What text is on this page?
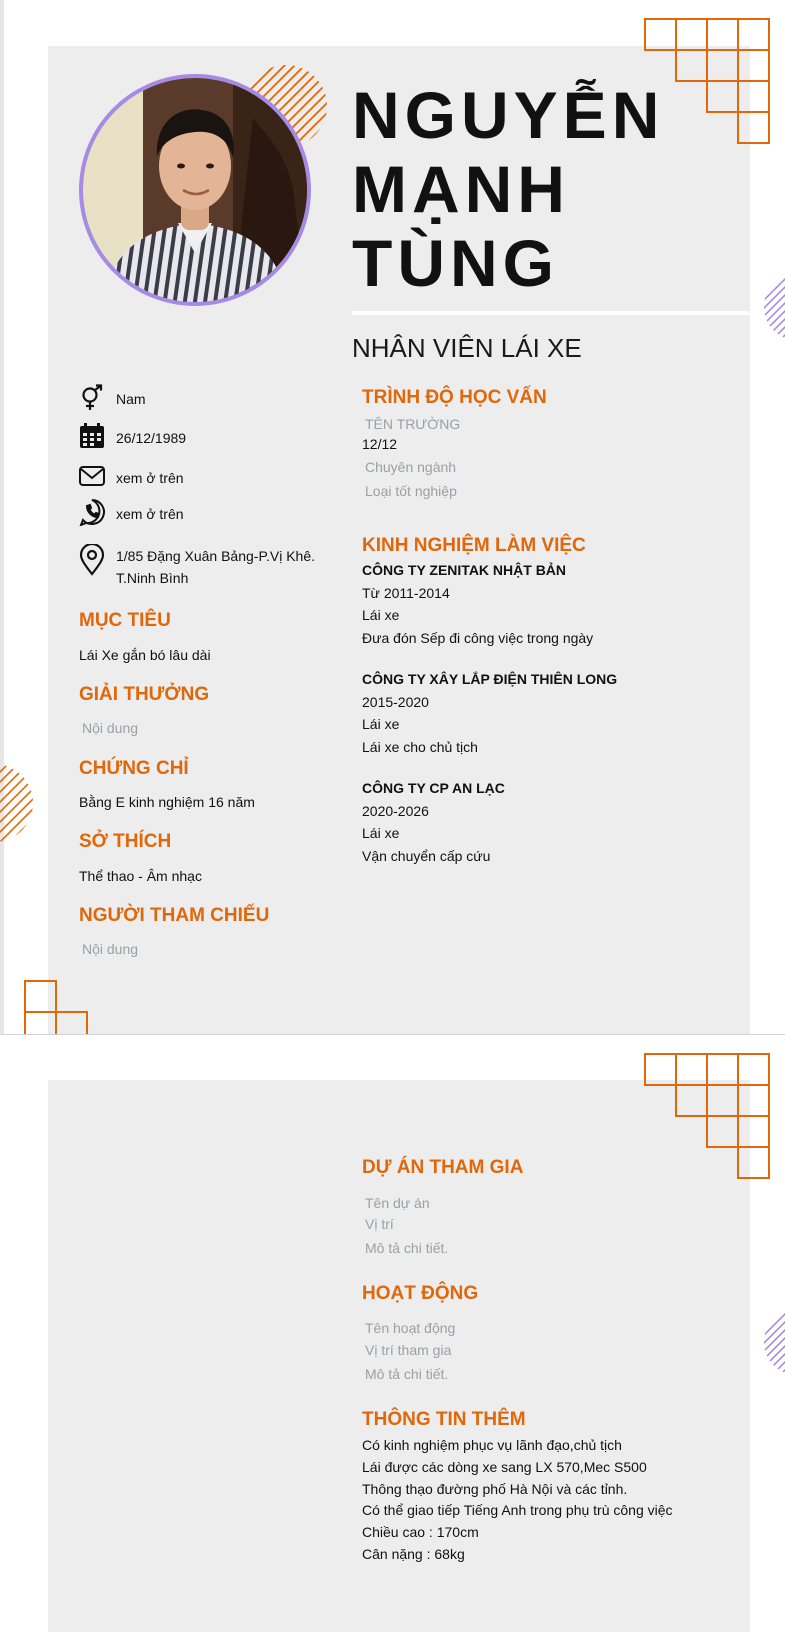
NGUYỄN
MẠNH
TÙNG
NHÂN VIÊN LÁI XE
Nam
26/12/1989
xem ở trên
xem ở trên
1/85 Đặng Xuân Bảng-P.Vị Khê.
T.Ninh Bình
MỤC TIÊU
Lái Xe gắn bó lâu dài
GIẢI THƯỞNG
Nội dung
CHỨNG CHỈ
Bằng E kinh nghiệm 16 năm
SỞ THÍCH
Thể thao - Âm nhạc
NGƯỜI THAM CHIẾU
Nội dung
TRÌNH ĐỘ HỌC VẤN
TÊN TRƯỜNG
12/12
Chuyên ngành
Loại tốt nghiệp
KINH NGHIỆM LÀM VIỆC
CÔNG TY ZENITAK NHẬT BẢN
Từ 2011-2014
Lái xe
Đưa đón Sếp đi công việc trong ngày
CÔNG TY XÂY LẮP ĐIỆN THIÊN LONG
2015-2020
Lái xe
Lái xe cho chủ tịch
CÔNG TY CP AN LẠC
2020-2026
Lái xe
Vận chuyển cấp cứu
DỰ ÁN THAM GIA
Tên dự án
Vị trí
Mô tả chi tiết.
HOẠT ĐỘNG
Tên hoạt động
Vị trí tham gia
Mô tả chi tiết.
THÔNG TIN THÊM
Có kinh nghiệm phục vụ lãnh đạo,chủ tịch
Lái được các dòng xe sang LX 570,Mec S500
Thông thạo đường phố Hà Nội và các tỉnh.
Có thể giao tiếp Tiếng Anh trong phụ trù công việc
Chiều cao : 170cm
Cân nặng : 68kg
